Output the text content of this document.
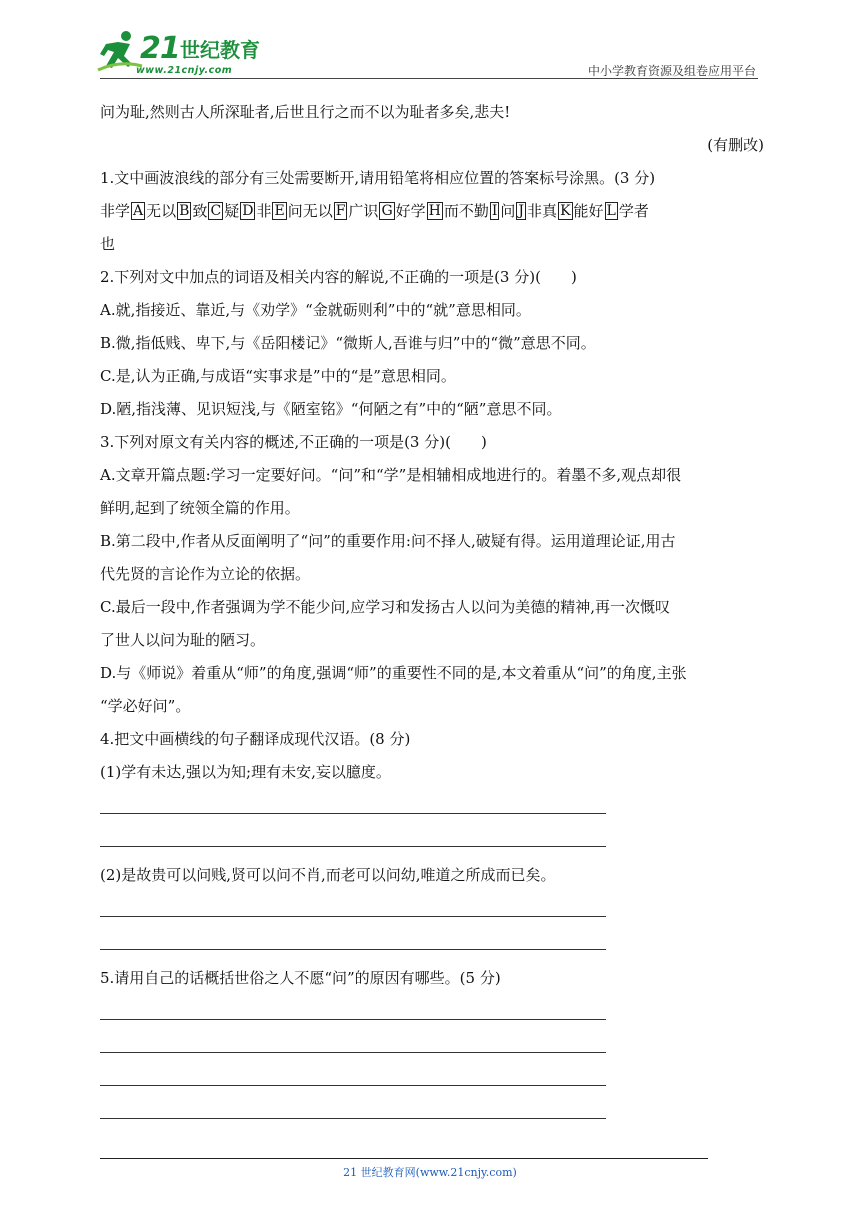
21 世纪教育
www.21cnjy.com	中小学教育资源及组卷应用平台
问为耻,然则古人所深耻者,后世且行之而不以为耻者多矣,悲夫!
(有删改)
1.文中画波浪线的部分有三处需要断开,请用铅笔将相应位置的答案标号涂黑。(3 分)
非学 A 无以 B 致 C 疑 D 非 E 问无以 F 广识 G 好学 H 而不勤 I 问 J 非真 K 能好 L 学者
也
2.下列对文中加点的词语及相关内容的解说,不正确的一项是(3 分)(　　)
A.就,指接近、靠近,与《劝学》“金就砺则利”中的“就”意思相同。
B.微,指低贱、卑下,与《岳阳楼记》“微斯人,吾谁与归”中的“微”意思不同。
C.是,认为正确,与成语“实事求是”中的“是”意思相同。
D.陋,指浅薄、见识短浅,与《陋室铭》“何陋之有”中的“陋”意思不同。
3.下列对原文有关内容的概述,不正确的一项是(3 分)(　　)
A.文章开篇点题:学习一定要好问。“问”和“学”是相辅相成地进行的。着墨不多,观点却很
鲜明,起到了统领全篇的作用。
B.第二段中,作者从反面阐明了“问”的重要作用:问不择人,破疑有得。运用道理论证,用古
代先贤的言论作为立论的依据。
C.最后一段中,作者强调为学不能少问,应学习和发扬古人以问为美德的精神,再一次慨叹
了世人以问为耻的陋习。
D.与《师说》着重从“师”的角度,强调“师”的重要性不同的是,本文着重从“问”的角度,主张
“学必好问”。
4.把文中画横线的句子翻译成现代汉语。(8 分)
(1)学有未达,强以为知;理有未安,妄以臆度。
(2)是故贵可以问贱,贤可以问不肖,而老可以问幼,唯道之所成而已矣。
5.请用自己的话概括世俗之人不愿“问”的原因有哪些。(5 分)
21 世纪教育网(www.21cnjy.com)
